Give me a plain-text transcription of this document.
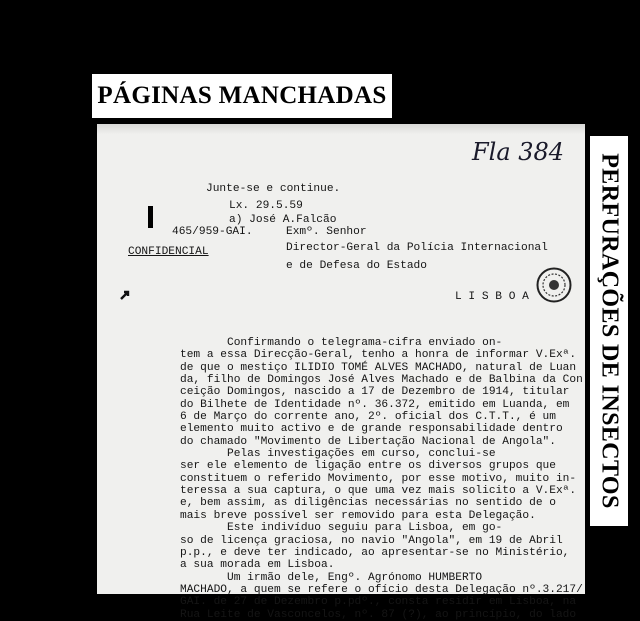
PÁGINAS MANCHADAS
PERFURAÇÕES DE INSECTOS
Fla 384
Junte-se e continue.
Lx. 29.5.59
a) José A.Falcão
465/959-GAI.
CONFIDENCIAL
Exmº. Senhor
Director-Geral da Polícia Internacional
e de Defesa do Estado
L I S B O A
Confirmando o telegrama-cifra enviado on-
tem a essa Direcção-Geral, tenho a honra de informar V.Exª.
de que o mestiço ILIDIO TOMÉ ALVES MACHADO, natural de Luan
da, filho de Domingos José Alves Machado e de Balbina da Con
ceição Domingos, nascido a 17 de Dezembro de 1914, titular
do Bilhete de Identidade nº. 36.372, emitido em Luanda, em
6 de Março do corrente ano, 2º. oficial dos C.T.T., é um
elemento muito activo e de grande responsabilidade dentro
do chamado "Movimento de Libertação Nacional de Angola".
Pelas investigações em curso, conclui-se
ser ele elemento de ligação entre os diversos grupos que
constituem o referido Movimento, por esse motivo, muito in-
teressa a sua captura, o que uma vez mais solicito a V.Exª.
e, bem assim, as diligências necessárias no sentido de o
mais breve possível ser removido para esta Delegação.
Este indivíduo seguiu para Lisboa, em go-
so de licença graciosa, no navio "Angola", em 19 de Abril
p.p., e deve ter indicado, ao apresentar-se no Ministério,
a sua morada em Lisboa.
Um irmão dele, Engº. Agrónomo HUMBERTO
MACHADO, a quem se refere o ofício desta Delegação nº.3.217/
GAI. de 27 de Dezembro p.pdº., consta residir em Lisboa, na
Rua Leite de Vasconcelos, nº. 87 (?), ao princípio, do lado
